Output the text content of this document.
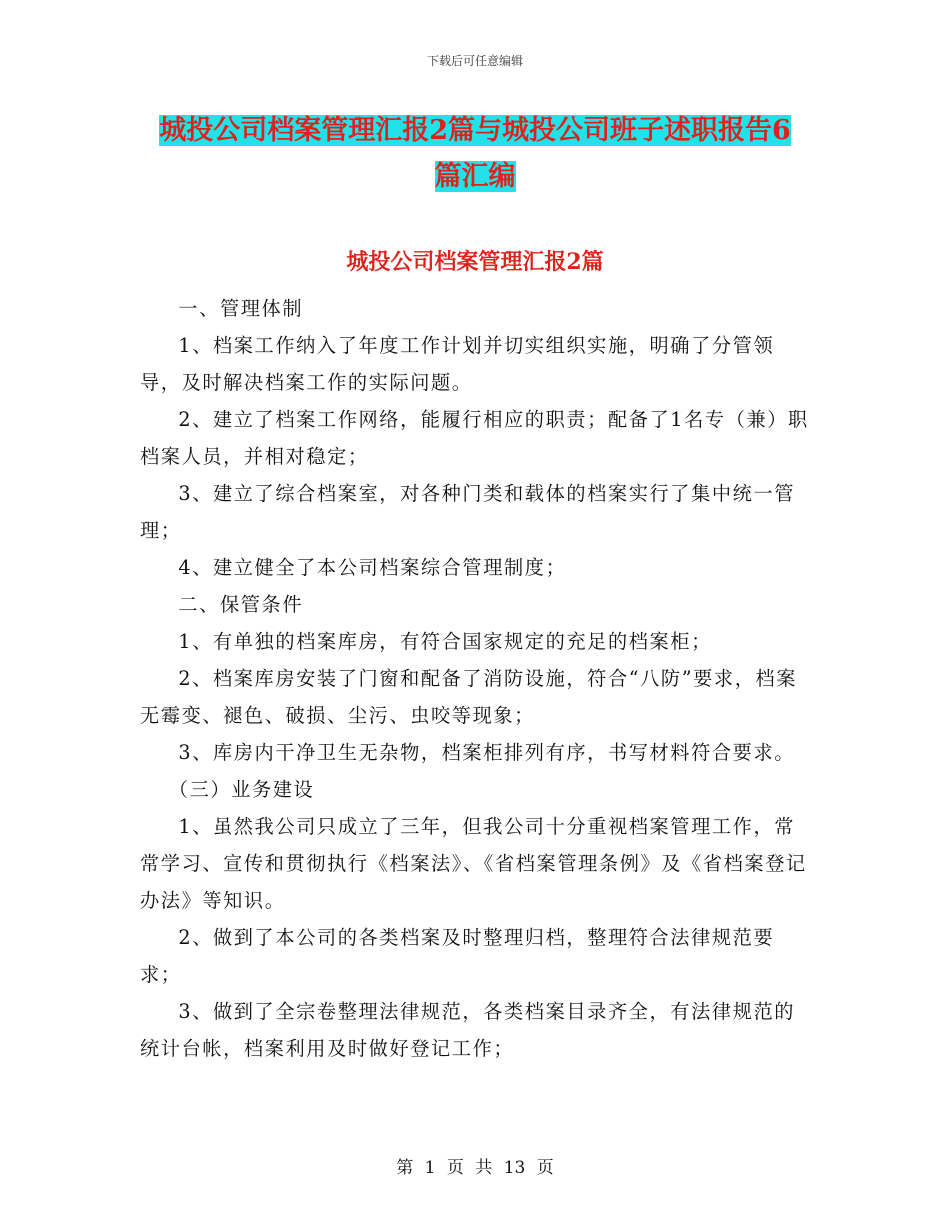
下载后可任意编辑
城投公司档案管理汇报2篇与城投公司班子述职报告6
篇汇编
城投公司档案管理汇报2篇

一、管理体制

1、档案工作纳入了年度工作计划并切实组织实施，明确了分管领导，及时解决档案工作的实际问题。

2、建立了档案工作网络，能履行相应的职责；配备了1名专（兼）职档案人员，并相对稳定；

3、建立了综合档案室，对各种门类和载体的档案实行了集中统一管理；

4、建立健全了本公司档案综合管理制度；

二、保管条件

1、有单独的档案库房，有符合国家规定的充足的档案柜；

2、档案库房安装了门窗和配备了消防设施，符合“八防”要求，档案无霉变、褪色、破损、尘污、虫咬等现象；

3、库房内干净卫生无杂物，档案柜排列有序，书写材料符合要求。

（三）业务建设

1、虽然我公司只成立了三年，但我公司十分重视档案管理工作，常常学习、宣传和贯彻执行《档案法》、《省档案管理条例》及《省档案登记办法》等知识。

2、做到了本公司的各类档案及时整理归档，整理符合法律规范要求；

3、做到了全宗卷整理法律规范，各类档案目录齐全，有法律规范的统计台帐，档案利用及时做好登记工作；

第 1 页 共 13 页
